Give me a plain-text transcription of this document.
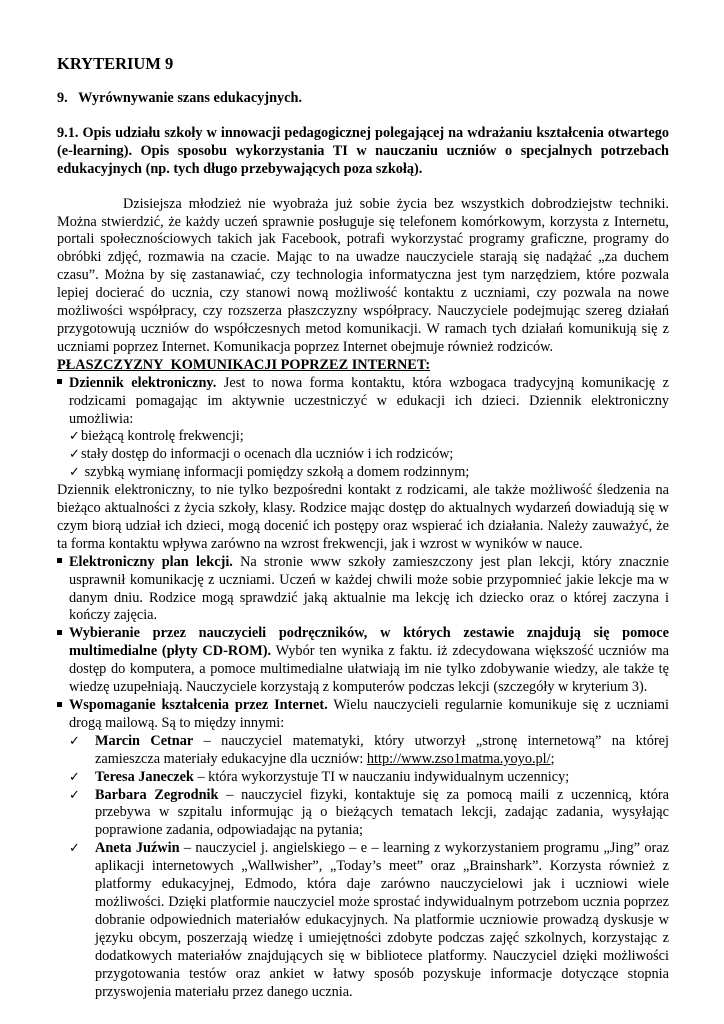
KRYTERIUM 9
9.   Wyrównywanie szans edukacyjnych.
9.1. Opis udziału szkoły w innowacji pedagogicznej polegającej na wdrażaniu kształcenia otwartego (e-learning). Opis sposobu wykorzystania TI w nauczaniu uczniów o specjalnych potrzebach edukacyjnych (np. tych długo przebywających poza szkołą).

Dzisiejsza młodzież nie wyobraża już sobie życia bez wszystkich dobrodziejstw techniki. Można stwierdzić, że każdy uczeń sprawnie posługuje się telefonem komórkowym, korzysta z Internetu, portali społecznościowych takich jak Facebook, potrafi wykorzystać programy graficzne, programy do obróbki zdjęć, rozmawia na czacie. Mając to na uwadze nauczyciele starają się nadążać „za duchem czasu”. Można by się zastanawiać, czy technologia informatyczna jest tym narzędziem, które pozwala lepiej docierać do ucznia, czy stanowi nową możliwość kontaktu z uczniami, czy pozwala na nowe możliwości współpracy, czy rozszerza płaszczyzny współpracy. Nauczyciele podejmując szereg działań przygotowują uczniów do współczesnych metod komunikacji. W ramach tych działań komunikują się z uczniami poprzez Internet. Komunikacja poprzez Internet obejmuje również rodziców.

PŁASZCZYZNY  KOMUNIKACJI POPRZEZ INTERNET:

Dziennik elektroniczny. Jest to nowa forma kontaktu, która wzbogaca tradycyjną komunikację z rodzicami pomagając im aktywnie uczestniczyć w edukacji ich dzieci. Dziennik elektroniczny umożliwia:
✓ bieżącą kontrolę frekwencji;
✓ stały dostęp do informacji o ocenach dla uczniów i ich rodziców;
✓ szybką wymianę informacji pomiędzy szkołą a domem rodzinnym;

Dziennik elektroniczny, to nie tylko bezpośredni kontakt z rodzicami, ale także możliwość śledzenia na bieżąco aktualności z życia szkoły, klasy. Rodzice mając dostęp do aktualnych wydarzeń dowiadują się w czym biorą udział ich dzieci, mogą docenić ich postępy oraz wspierać ich działania. Należy zauważyć, że ta forma kontaktu wpływa zarówno na wzrost frekwencji, jak i wzrost w wyników w nauce.

Elektroniczny plan lekcji. Na stronie www szkoły zamieszczony jest plan lekcji, który znacznie usprawnił komunikację z uczniami. Uczeń w każdej chwili może sobie przypomnieć jakie lekcje ma w danym dniu. Rodzice mogą sprawdzić jaką aktualnie ma lekcję ich dziecko oraz o której zaczyna i kończy zajęcia.
Wybieranie przez nauczycieli podręczników, w których zestawie znajdują się pomoce multimedialne (płyty CD-ROM). Wybór ten wynika z faktu. iż zdecydowana większość uczniów ma dostęp do komputera, a pomoce multimedialne ułatwiają im nie tylko zdobywanie wiedzy, ale także tę wiedzę uzupełniają. Nauczyciele korzystają z komputerów podczas lekcji (szczegóły w kryterium 3).
Wspomaganie kształcenia przez Internet. Wielu nauczycieli regularnie komunikuje się z uczniami drogą mailową. Są to między innymi:
✓ Marcin Cetnar – nauczyciel matematyki, który utworzył „stronę internetową” na której zamieszcza materiały edukacyjne dla uczniów: http://www.zso1matma.yoyo.pl/;
✓ Teresa Janeczek – która wykorzystuje TI w nauczaniu indywidualnym uczennicy;
✓ Barbara Zegrodnik – nauczyciel fizyki, kontaktuje się za pomocą maili z uczennicą, która przebywa w szpitalu informując ją o bieżących tematach lekcji, zadając zadania, wysyłając poprawione zadania, odpowiadając na pytania;
✓ Aneta Juźwin – nauczyciel j. angielskiego – e – learning z wykorzystaniem programu „Jing” oraz aplikacji internetowych „Wallwisher”, „Today’s meet” oraz „Brainshark”. Korzysta również z platformy edukacyjnej, Edmodo, która daje zarówno nauczycielowi jak i uczniowi wiele możliwości. Dzięki platformie nauczyciel może sprostać indywidualnym potrzebom ucznia poprzez dobranie odpowiednich materiałów edukacyjnych. Na platformie uczniowie prowadzą dyskusje w języku obcym, poszerzają wiedzę i umiejętności zdobyte podczas zajęć szkolnych, korzystając z dodatkowych materiałów znajdujących się w bibliotece platformy. Nauczyciel dzięki możliwości przygotowania testów oraz ankiet w łatwy sposób pozyskuje informacje dotyczące stopnia przyswojenia materiału przez danego ucznia.
